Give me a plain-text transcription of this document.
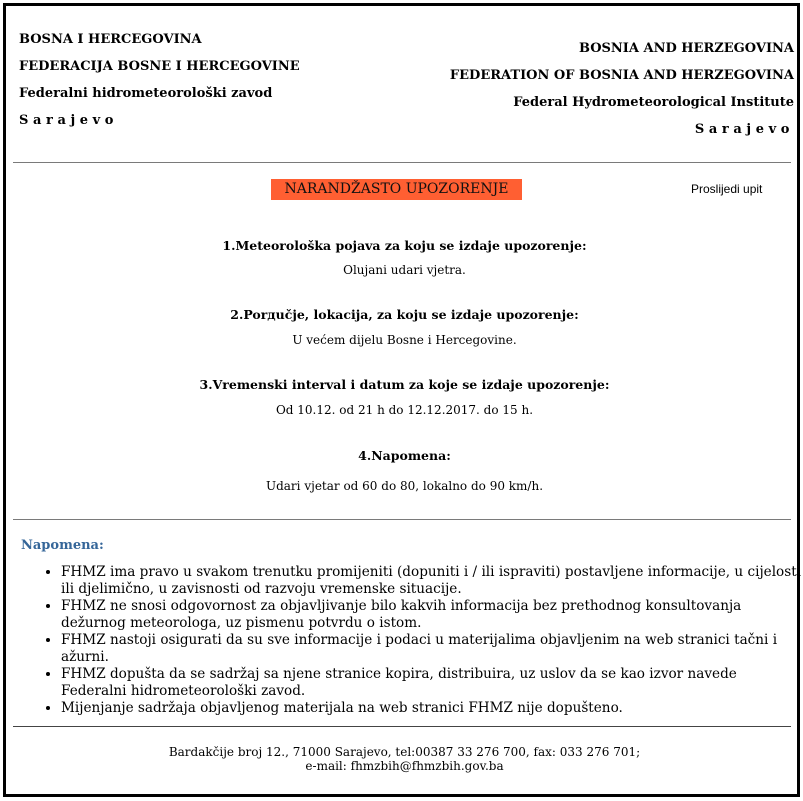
BOSNA I HERCEGOVINA
FEDERACIJA BOSNE I HERCEGOVINE
Federalni hidrometeorološki zavod
Sarajevo
BOSNIA AND HERZEGOVINA
FEDERATION OF BOSNIA AND HERZEGOVINA
Federal Hydrometeorological Institute
Sarajevo
NARANDŽASTO UPOZORENJE	Proslijedi upit
1.Meteorološka pojava za koju se izdaje upozorenje:
Olujani udari vjetra.
2.Porдučje, lokacija, za koju se izdaje upozorenje:
U većem dijelu Bosne i Hercegovine.
3.Vremenski interval i datum za koje se izdaje upozorenje:
Od 10.12. od 21 h do 12.12.2017. do 15 h.
4.Napomena:
Udari vjetar od 60 do 80, lokalno do 90 km/h.
Napomena:
• FHMZ ima pravo u svakom trenutku promijeniti (dopuniti i / ili ispraviti) postavljene informacije, u cijelosti ili djelimično, u zavisnosti od razvoju vremenske situacije.
• FHMZ ne snosi odgovornost za objavljivanje bilo kakvih informacija bez prethodnog konsultovanja dežurnog meteorologa, uz pismenu potvrdu o istom.
• FHMZ nastoji osigurati da su sve informacije i podaci u materijalima objavljenim na web stranici tačni i ažurni.
• FHMZ dopušta da se sadržaj sa njene stranice kopira, distribuira, uz uslov da se kao izvor navede Federalni hidrometeorološki zavod.
• Mijenjanje sadržaja objavljenog materijala na web stranici FHMZ nije dopušteno.
Bardakčije broj 12., 71000 Sarajevo, tel:00387 33 276 700, fax: 033 276 701;
e-mail: fhmzbih@fhmzbih.gov.ba
